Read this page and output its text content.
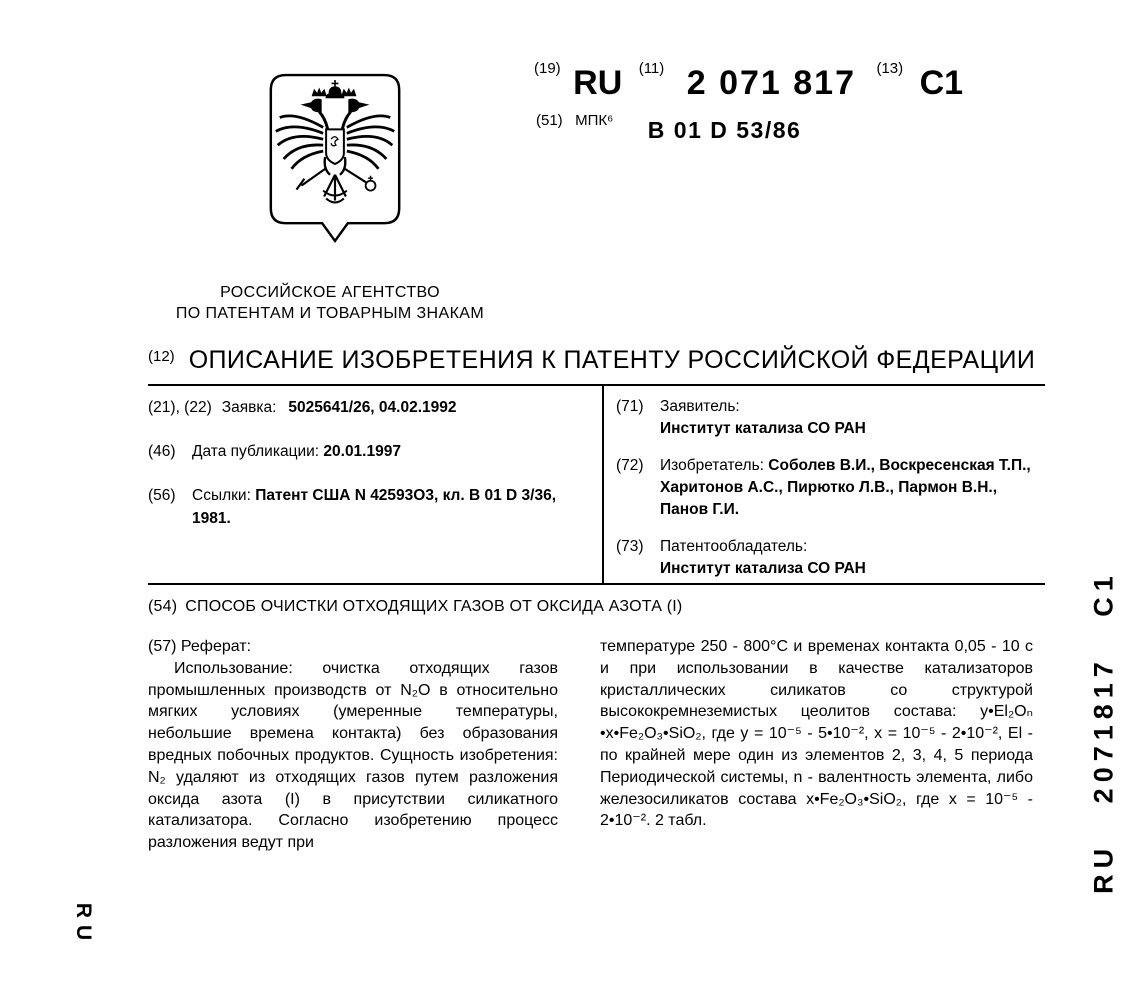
РОССИЙСКОЕ АГЕНТСТВО
ПО ПАТЕНТАМ И ТОВАРНЫМ ЗНАКАМ
(19) RU (11) 2 071 817 (13) C1
(51) МПК⁶ B 01 D 53/86
(12) ОПИСАНИЕ ИЗОБРЕТЕНИЯ К ПАТЕНТУ РОССИЙСКОЙ ФЕДЕРАЦИИ
(21), (22) Заявка: 5025641/26, 04.02.1992
(46)	Дата публикации: 20.01.1997
(56)	Ссылки: Патент США N 42593O3, кл. B 01 D 3/36, 1981.
(71)	Заявитель:
Институт катализа СО РАН
(72)	Изобретатель: Соболев В.И., Воскресенская Т.П., Харитонов А.С., Пирютко Л.В., Пармон В.Н., Панов Г.И.
(73)	Патентообладатель:
Институт катализа СО РАН
(54) СПОСОБ ОЧИСТКИ ОТХОДЯЩИХ ГАЗОВ ОТ ОКСИДА АЗОТА (I)
(57) Реферат:

Использование: очистка отходящих газов промышленных производств от N₂O в относительно мягких условиях (умеренные температуры, небольшие времена контакта) без образования вредных побочных продуктов. Сущность изобретения: N₂ удаляют из отходящих газов путем разложения оксида азота (I) в присутствии силикатного катализатора. Согласно изобретению процесс разложения ведут при

температуре 250 - 800°С и временах контакта 0,05 - 10 с и при использовании в качестве катализаторов кристаллических силикатов со структурой высококремнеземистых цеолитов состава: y•El₂Oₙ •x•Fe₂O₃•SiO₂, где y = 10⁻⁵ - 5•10⁻², x = 10⁻⁵ - 2•10⁻², El - по крайней мере один из элементов 2, 3, 4, 5 периода Периодической системы, n - валентность элемента, либо железосиликатов состава x•Fe₂O₃•SiO₂, где x = 10⁻⁵ - 2•10⁻². 2 табл.	RU 2071817 C1
RU
